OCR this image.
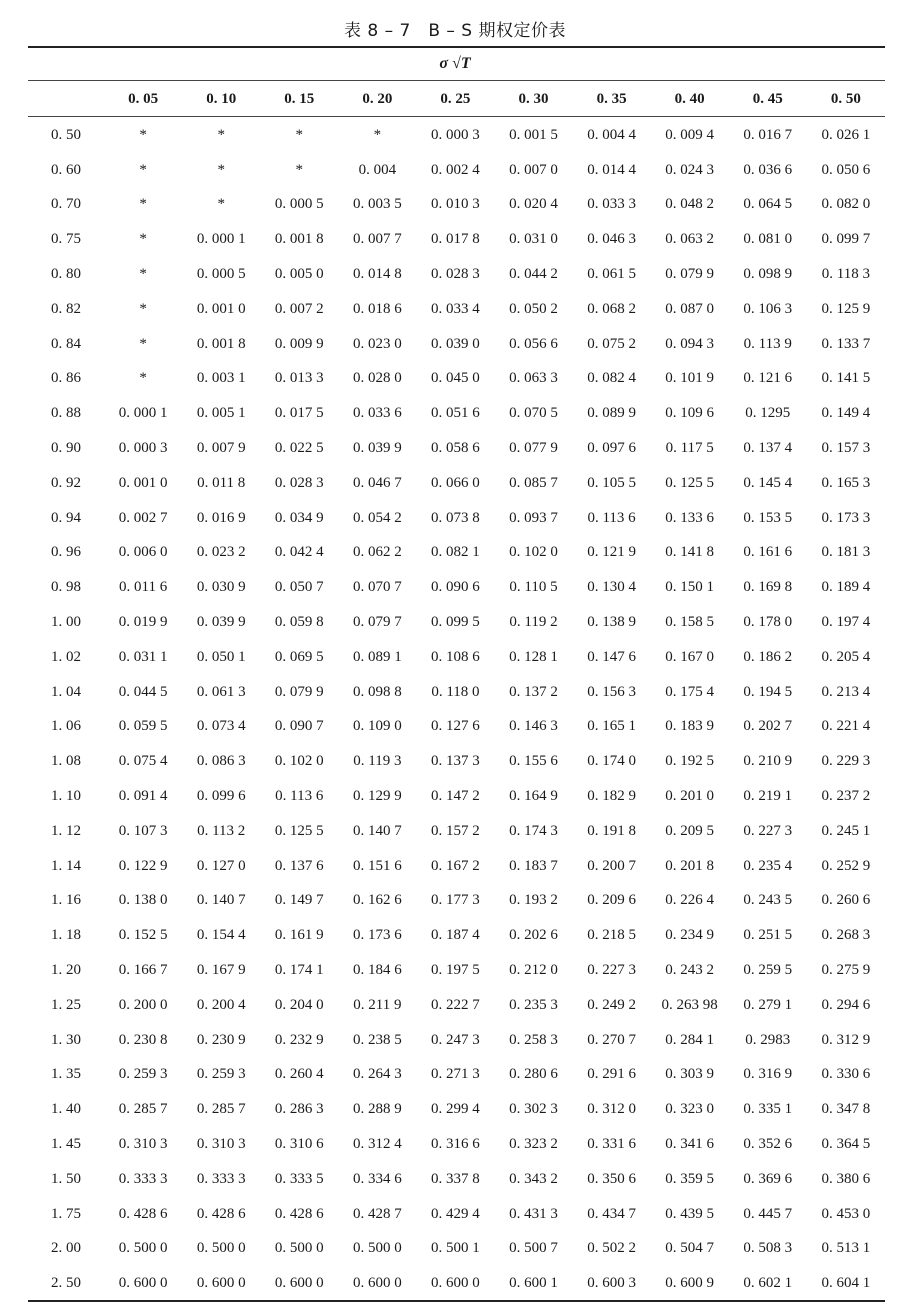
表 8 – 7　B – S 期权定价表
σ √T
	0. 05	0. 10	0. 15	0. 20	0. 25	0. 30	0. 35	0. 40	0. 45	0. 50
0. 50	*	*	*	*	0. 000 3	0. 001 5	0. 004 4	0. 009 4	0. 016 7	0. 026 1
0. 60	*	*	*	0. 004	0. 002 4	0. 007 0	0. 014 4	0. 024 3	0. 036 6	0. 050 6
0. 70	*	*	0. 000 5	0. 003 5	0. 010 3	0. 020 4	0. 033 3	0. 048 2	0. 064 5	0. 082 0
0. 75	*	0. 000 1	0. 001 8	0. 007 7	0. 017 8	0. 031 0	0. 046 3	0. 063 2	0. 081 0	0. 099 7
0. 80	*	0. 000 5	0. 005 0	0. 014 8	0. 028 3	0. 044 2	0. 061 5	0. 079 9	0. 098 9	0. 118 3
0. 82	*	0. 001 0	0. 007 2	0. 018 6	0. 033 4	0. 050 2	0. 068 2	0. 087 0	0. 106 3	0. 125 9
0. 84	*	0. 001 8	0. 009 9	0. 023 0	0. 039 0	0. 056 6	0. 075 2	0. 094 3	0. 113 9	0. 133 7
0. 86	*	0. 003 1	0. 013 3	0. 028 0	0. 045 0	0. 063 3	0. 082 4	0. 101 9	0. 121 6	0. 141 5
0. 88	0. 000 1	0. 005 1	0. 017 5	0. 033 6	0. 051 6	0. 070 5	0. 089 9	0. 109 6	0. 1295	0. 149 4
0. 90	0. 000 3	0. 007 9	0. 022 5	0. 039 9	0. 058 6	0. 077 9	0. 097 6	0. 117 5	0. 137 4	0. 157 3
0. 92	0. 001 0	0. 011 8	0. 028 3	0. 046 7	0. 066 0	0. 085 7	0. 105 5	0. 125 5	0. 145 4	0. 165 3
0. 94	0. 002 7	0. 016 9	0. 034 9	0. 054 2	0. 073 8	0. 093 7	0. 113 6	0. 133 6	0. 153 5	0. 173 3
0. 96	0. 006 0	0. 023 2	0. 042 4	0. 062 2	0. 082 1	0. 102 0	0. 121 9	0. 141 8	0. 161 6	0. 181 3
0. 98	0. 011 6	0. 030 9	0. 050 7	0. 070 7	0. 090 6	0. 110 5	0. 130 4	0. 150 1	0. 169 8	0. 189 4
1. 00	0. 019 9	0. 039 9	0. 059 8	0. 079 7	0. 099 5	0. 119 2	0. 138 9	0. 158 5	0. 178 0	0. 197 4
1. 02	0. 031 1	0. 050 1	0. 069 5	0. 089 1	0. 108 6	0. 128 1	0. 147 6	0. 167 0	0. 186 2	0. 205 4
1. 04	0. 044 5	0. 061 3	0. 079 9	0. 098 8	0. 118 0	0. 137 2	0. 156 3	0. 175 4	0. 194 5	0. 213 4
1. 06	0. 059 5	0. 073 4	0. 090 7	0. 109 0	0. 127 6	0. 146 3	0. 165 1	0. 183 9	0. 202 7	0. 221 4
1. 08	0. 075 4	0. 086 3	0. 102 0	0. 119 3	0. 137 3	0. 155 6	0. 174 0	0. 192 5	0. 210 9	0. 229 3
1. 10	0. 091 4	0. 099 6	0. 113 6	0. 129 9	0. 147 2	0. 164 9	0. 182 9	0. 201 0	0. 219 1	0. 237 2
1. 12	0. 107 3	0. 113 2	0. 125 5	0. 140 7	0. 157 2	0. 174 3	0. 191 8	0. 209 5	0. 227 3	0. 245 1
1. 14	0. 122 9	0. 127 0	0. 137 6	0. 151 6	0. 167 2	0. 183 7	0. 200 7	0. 201 8	0. 235 4	0. 252 9
1. 16	0. 138 0	0. 140 7	0. 149 7	0. 162 6	0. 177 3	0. 193 2	0. 209 6	0. 226 4	0. 243 5	0. 260 6
1. 18	0. 152 5	0. 154 4	0. 161 9	0. 173 6	0. 187 4	0. 202 6	0. 218 5	0. 234 9	0. 251 5	0. 268 3
1. 20	0. 166 7	0. 167 9	0. 174 1	0. 184 6	0. 197 5	0. 212 0	0. 227 3	0. 243 2	0. 259 5	0. 275 9
1. 25	0. 200 0	0. 200 4	0. 204 0	0. 211 9	0. 222 7	0. 235 3	0. 249 2	0. 263 98	0. 279 1	0. 294 6
1. 30	0. 230 8	0. 230 9	0. 232 9	0. 238 5	0. 247 3	0. 258 3	0. 270 7	0. 284 1	0. 2983	0. 312 9
1. 35	0. 259 3	0. 259 3	0. 260 4	0. 264 3	0. 271 3	0. 280 6	0. 291 6	0. 303 9	0. 316 9	0. 330 6
1. 40	0. 285 7	0. 285 7	0. 286 3	0. 288 9	0. 299 4	0. 302 3	0. 312 0	0. 323 0	0. 335 1	0. 347 8
1. 45	0. 310 3	0. 310 3	0. 310 6	0. 312 4	0. 316 6	0. 323 2	0. 331 6	0. 341 6	0. 352 6	0. 364 5
1. 50	0. 333 3	0. 333 3	0. 333 5	0. 334 6	0. 337 8	0. 343 2	0. 350 6	0. 359 5	0. 369 6	0. 380 6
1. 75	0. 428 6	0. 428 6	0. 428 6	0. 428 7	0. 429 4	0. 431 3	0. 434 7	0. 439 5	0. 445 7	0. 453 0
2. 00	0. 500 0	0. 500 0	0. 500 0	0. 500 0	0. 500 1	0. 500 7	0. 502 2	0. 504 7	0. 508 3	0. 513 1
2. 50	0. 600 0	0. 600 0	0. 600 0	0. 600 0	0. 600 0	0. 600 1	0. 600 3	0. 600 9	0. 602 1	0. 604 1
